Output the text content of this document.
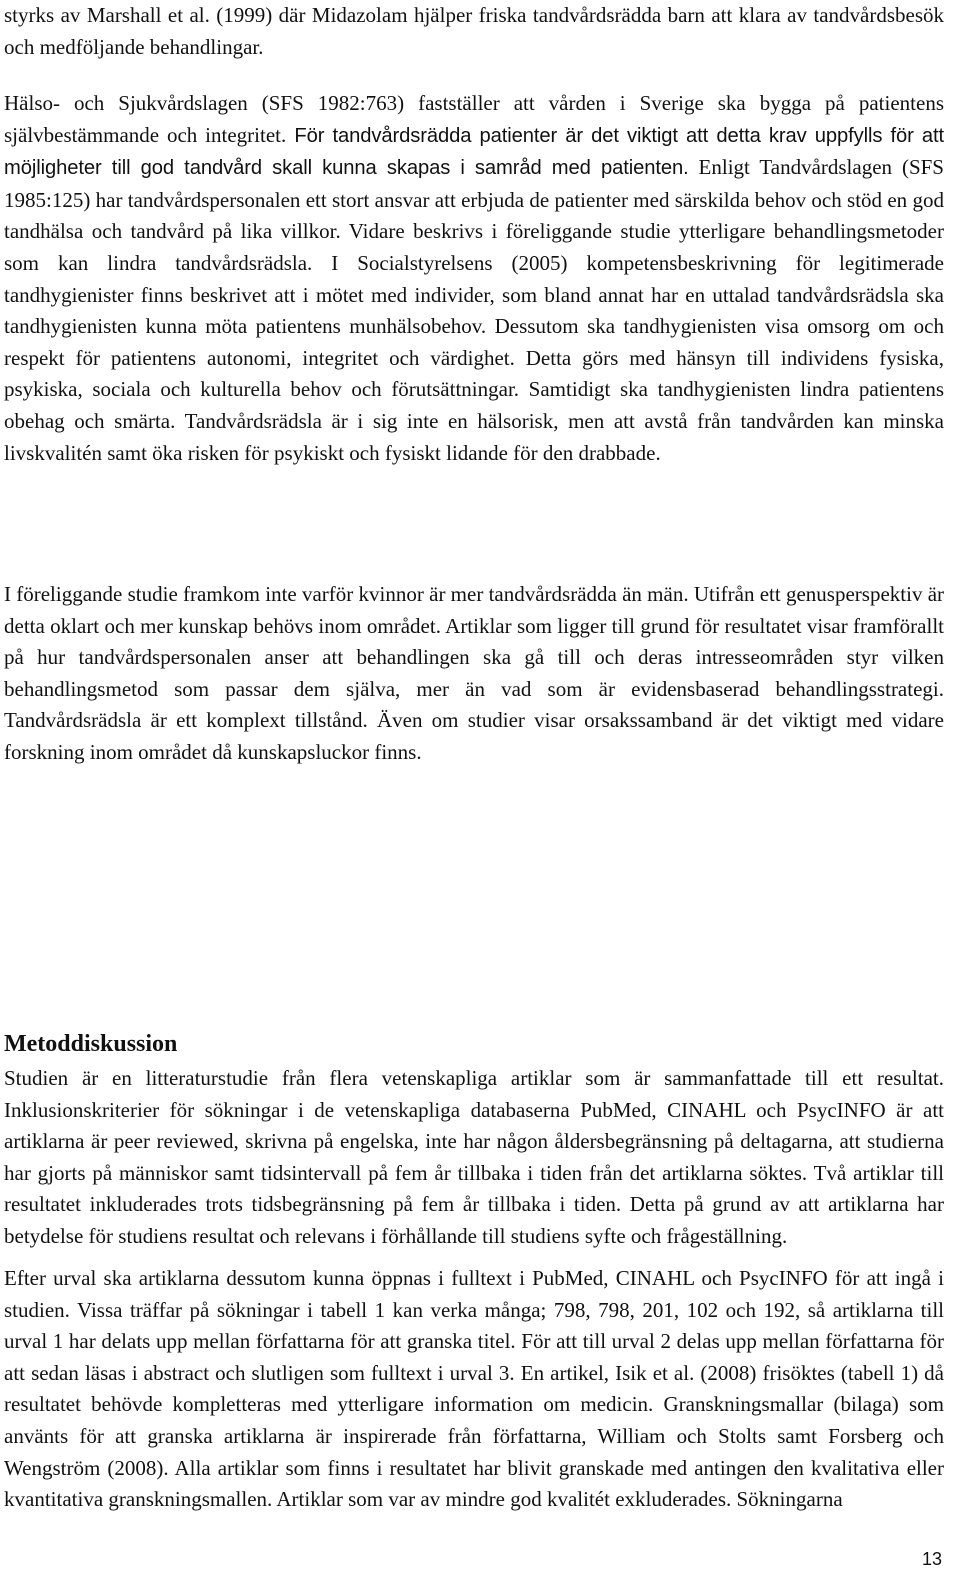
styrks av Marshall et al. (1999) där Midazolam hjälper friska tandvårdsrädda barn att klara av tandvårdsbesök och medföljande behandlingar.

Hälso- och Sjukvårdslagen (SFS 1982:763) fastställer att vården i Sverige ska bygga på patientens självbestämmande och integritet. För tandvårdsrädda patienter är det viktigt att detta krav uppfylls för att möjligheter till god tandvård skall kunna skapas i samråd med patienten. Enligt Tandvårdslagen (SFS 1985:125) har tandvårdspersonalen ett stort ansvar att erbjuda de patienter med särskilda behov och stöd en god tandhälsa och tandvård på lika villkor. Vidare beskrivs i föreliggande studie ytterligare behandlingsmetoder som kan lindra tandvårdsrädsla. I Socialstyrelsens (2005) kompetensbeskrivning för legitimerade tandhygienister finns beskrivet att i mötet med individer, som bland annat har en uttalad tandvårdsrädsla ska tandhygienisten kunna möta patientens munhälsobehov. Dessutom ska tandhygienisten visa omsorg om och respekt för patientens autonomi, integritet och värdighet. Detta görs med hänsyn till individens fysiska, psykiska, sociala och kulturella behov och förutsättningar. Samtidigt ska tandhygienisten lindra patientens obehag och smärta. Tandvårdsrädsla är i sig inte en hälsorisk, men att avstå från tandvården kan minska livskvalitén samt öka risken för psykiskt och fysiskt lidande för den drabbade.

I föreliggande studie framkom inte varför kvinnor är mer tandvårdsrädda än män. Utifrån ett genusperspektiv är detta oklart och mer kunskap behövs inom området. Artiklar som ligger till grund för resultatet visar framförallt på hur tandvårdspersonalen anser att behandlingen ska gå till och deras intresseområden styr vilken behandlingsmetod som passar dem själva, mer än vad som är evidensbaserad behandlingsstrategi. Tandvårdsrädsla är ett komplext tillstånd. Även om studier visar orsakssamband är det viktigt med vidare forskning inom området då kunskapsluckor finns.

Metoddiskussion

Studien är en litteraturstudie från flera vetenskapliga artiklar som är sammanfattade till ett resultat. Inklusionskriterier för sökningar i de vetenskapliga databaserna PubMed, CINAHL och PsycINFO är att artiklarna är peer reviewed, skrivna på engelska, inte har någon åldersbegränsning på deltagarna, att studierna har gjorts på människor samt tidsintervall på fem år tillbaka i tiden från det artiklarna söktes. Två artiklar till resultatet inkluderades trots tidsbegränsning på fem år tillbaka i tiden. Detta på grund av att artiklarna har betydelse för studiens resultat och relevans i förhållande till studiens syfte och frågeställning.

Efter urval ska artiklarna dessutom kunna öppnas i fulltext i PubMed, CINAHL och PsycINFO för att ingå i studien. Vissa träffar på sökningar i tabell 1 kan verka många; 798, 798, 201, 102 och 192, så artiklarna till urval 1 har delats upp mellan författarna för att granska titel. För att till urval 2 delas upp mellan författarna för att sedan läsas i abstract och slutligen som fulltext i urval 3. En artikel, Isik et al. (2008) frisöktes (tabell 1) då resultatet behövde kompletteras med ytterligare information om medicin. Granskningsmallar (bilaga) som använts för att granska artiklarna är inspirerade från författarna, William och Stolts samt Forsberg och Wengström (2008). Alla artiklar som finns i resultatet har blivit granskade med antingen den kvalitativa eller kvantitativa granskningsmallen. Artiklar som var av mindre god kvalitét exkluderades. Sökningarna

13
